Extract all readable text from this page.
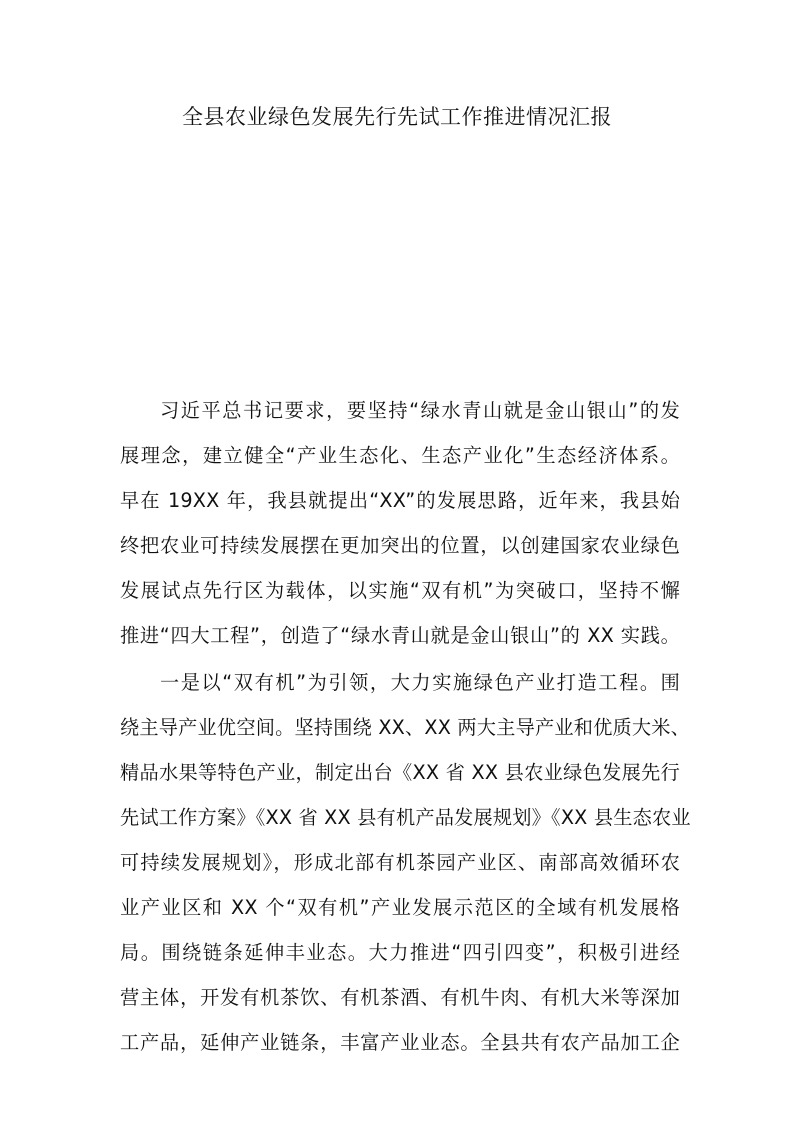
全县农业绿色发展先行先试工作推进情况汇报
习近平总书记要求，要坚持“绿水青山就是金山银山”的发
展理念，建立健全“产业生态化、生态产业化”生态经济体系。
早在 19XX 年，我县就提出“XX”的发展思路，近年来，我县始
终把农业可持续发展摆在更加突出的位置，以创建国家农业绿色
发展试点先行区为载体，以实施“双有机”为突破口，坚持不懈
推进“四大工程”，创造了“绿水青山就是金山银山”的 XX 实践。
一是以“双有机”为引领，大力实施绿色产业打造工程。围
绕主导产业优空间。坚持围绕 XX、XX 两大主导产业和优质大米、
精品水果等特色产业，制定出台《XX 省 XX 县农业绿色发展先行
先试工作方案》《XX 省 XX 县有机产品发展规划》《XX 县生态农业
可持续发展规划》，形成北部有机茶园产业区、南部高效循环农
业产业区和 XX 个“双有机”产业发展示范区的全域有机发展格
局。围绕链条延伸丰业态。大力推进“四引四变”，积极引进经
营主体，开发有机茶饮、有机茶酒、有机牛肉、有机大米等深加
工产品，延伸产业链条，丰富产业业态。全县共有农产品加工企
